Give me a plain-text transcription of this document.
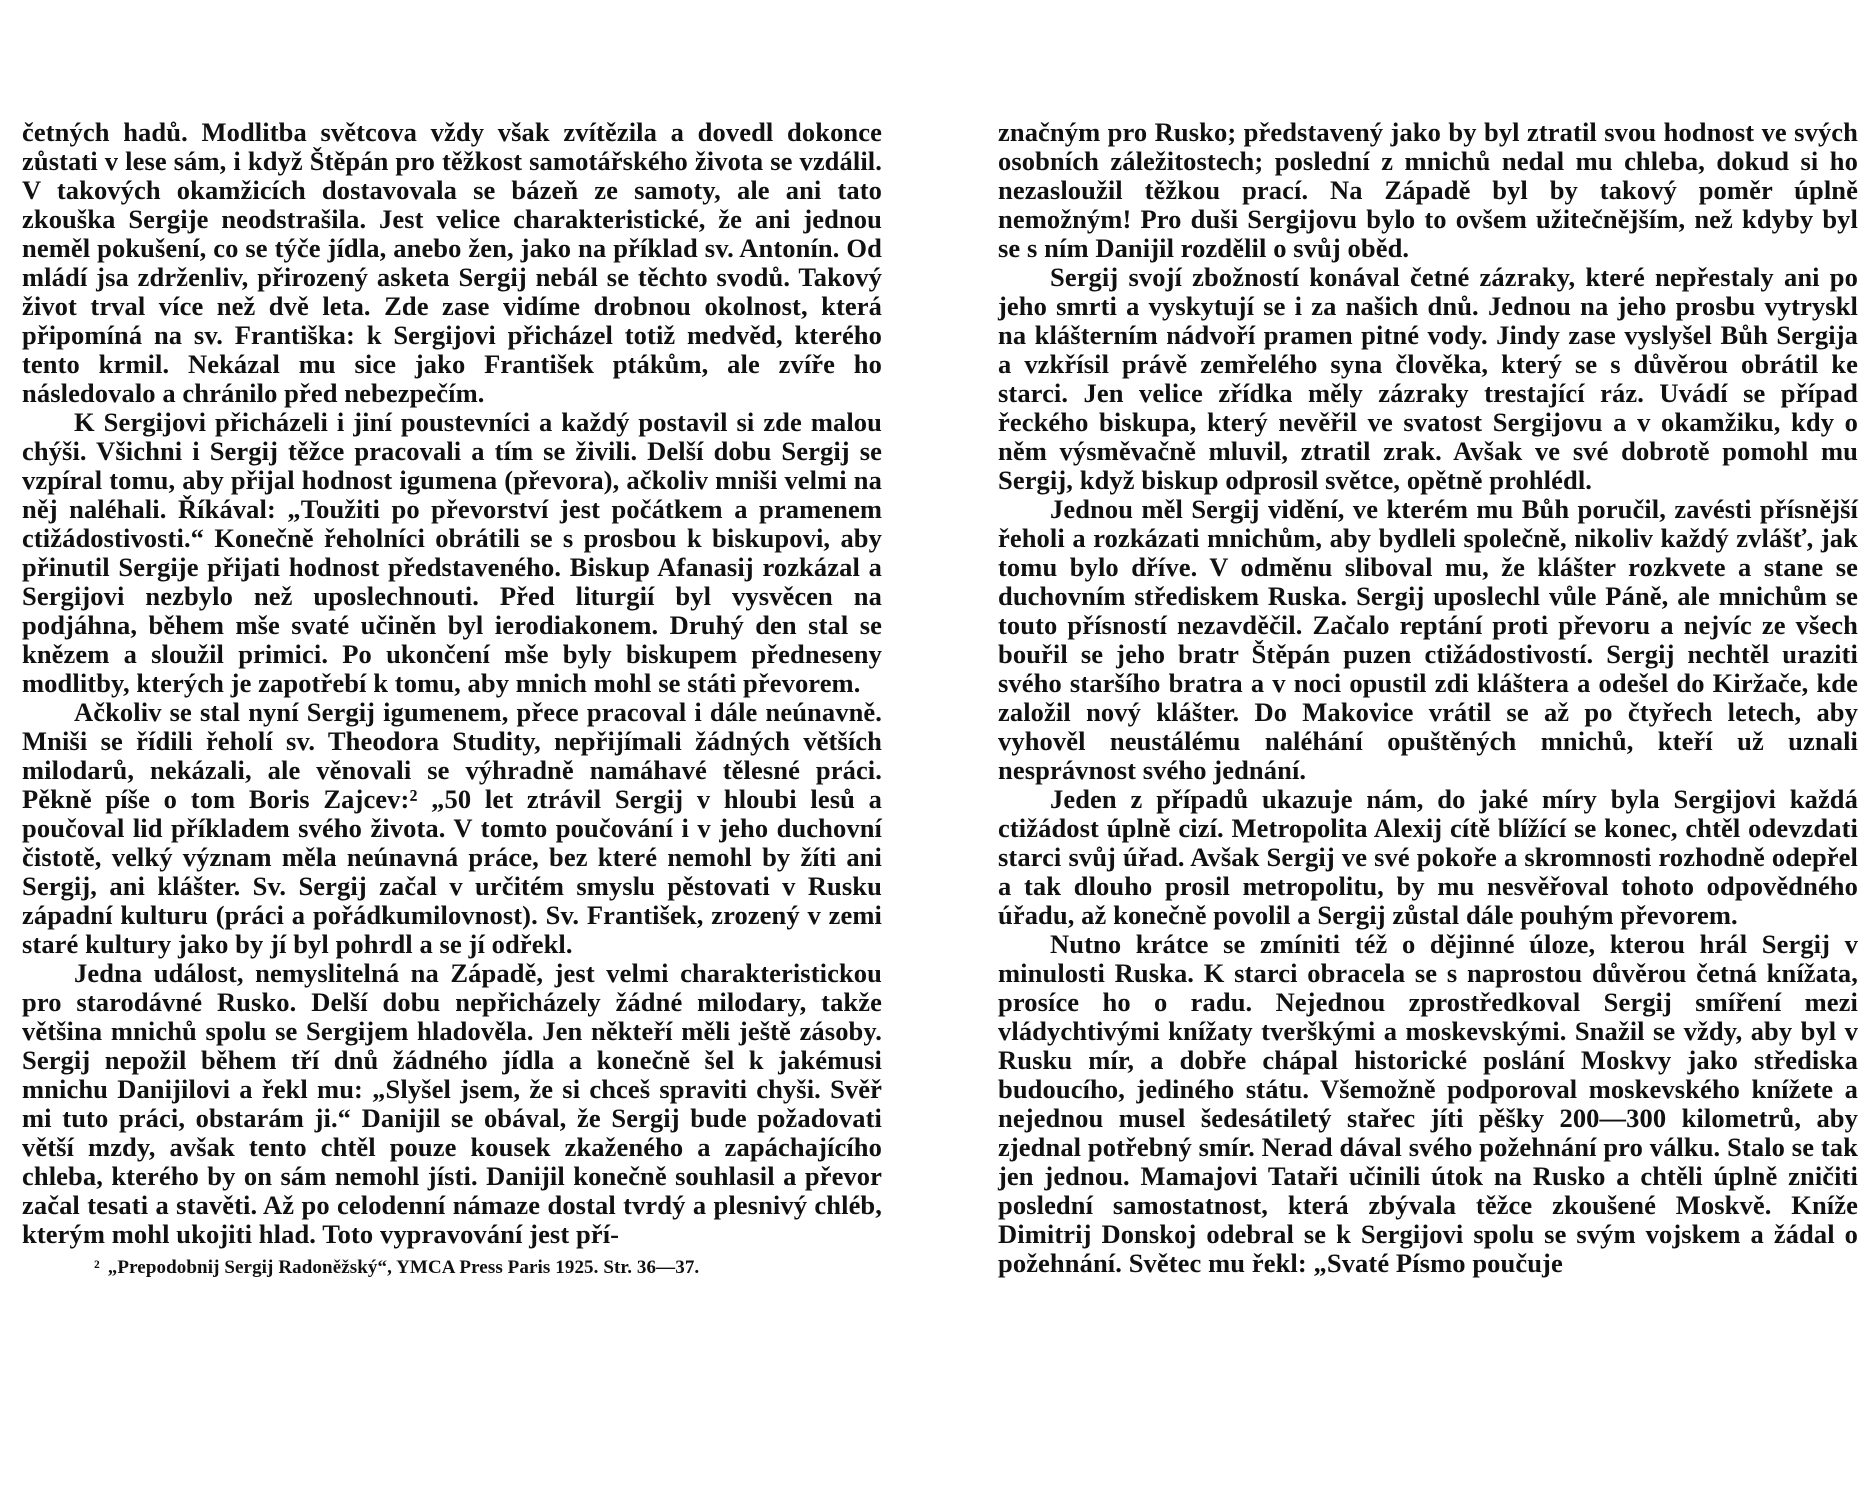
četných hadů. Modlitba světcova vždy však zvítězila a dovedl dokonce zůstati v lese sám, i když Štěpán pro těžkost samotářského života se vzdálil. V takových okamžicích dostavovala se bázeň ze samoty, ale ani tato zkouška Sergije neodstrašila. Jest velice charakteristické, že ani jednou neměl pokušení, co se týče jídla, anebo žen, jako na příklad sv. Antonín. Od mládí jsa zdrženliv, přirozený asketa Sergij nebál se těchto svodů. Takový život trval více než dvě leta. Zde zase vidíme drobnou okolnost, která připomíná na sv. Františka: k Sergijovi přicházel totiž medvěd, kterého tento krmil. Nekázal mu sice jako František ptákům, ale zvíře ho následovalo a chránilo před nebezpečím.

K Sergijovi přicházeli i jiní poustevníci a každý postavil si zde malou chýši. Všichni i Sergij těžce pracovali a tím se živili. Delší dobu Sergij se vzpíral tomu, aby přijal hodnost igumena (převora), ačkoliv mniši velmi na něj naléhali. Říkával: „Toužiti po převorství jest počátkem a pramenem ctižádostivosti.“ Konečně řeholníci obrátili se s prosbou k biskupovi, aby přinutil Sergije přijati hodnost představeného. Biskup Afanasij rozkázal a Sergijovi nezbylo než uposlechnouti. Před liturgií byl vysvěcen na podjáhna, během mše svaté učiněn byl ierodiakonem. Druhý den stal se knězem a sloužil primici. Po ukončení mše byly biskupem předneseny modlitby, kterých je zapotřebí k tomu, aby mnich mohl se státi převorem.

Ačkoliv se stal nyní Sergij igumenem, přece pracoval i dále neúnavně. Mniši se řídili řeholí sv. Theodora Studity, nepřijímali žádných větších milodarů, nekázali, ale věnovali se výhradně namáhavé tělesné práci. Pěkně píše o tom Boris Zajcev:² „50 let ztrávil Sergij v hloubi lesů a poučoval lid příkladem svého života. V tomto poučování i v jeho duchovní čistotě, velký význam měla neúnavná práce, bez které nemohl by žíti ani Sergij, ani klášter. Sv. Sergij začal v určitém smyslu pěstovati v Rusku západní kulturu (práci a pořádkumilovnost). Sv. František, zrozený v zemi staré kultury jako by jí byl pohrdl a se jí odřekl.

Jedna událost, nemyslitelná na Západě, jest velmi charakteristickou pro starodávné Rusko. Delší dobu nepřicházely žádné milodary, takže většina mnichů spolu se Sergijem hladověla. Jen někteří měli ještě zásoby. Sergij nepožil během tří dnů žádného jídla a konečně šel k jakémusi mnichu Danijilovi a řekl mu: „Slyšel jsem, že si chceš spraviti chyši. Svěř mi tuto práci, obstarám ji.“ Danijil se obával, že Sergij bude požadovati větší mzdy, avšak tento chtěl pouze kousek zkaženého a zapáchajícího chleba, kterého by on sám nemohl jísti. Danijil konečně souhlasil a převor začal tesati a stavěti. Až po celodenní námaze dostal tvrdý a plesnivý chléb, kterým mohl ukojiti hlad. Toto vypravování jest pří-

² „Prepodobnij Sergij Radoněžský“, YMCA Press Paris 1925. Str. 36—37.

značným pro Rusko; představený jako by byl ztratil svou hodnost ve svých osobních záležitostech; poslední z mnichů nedal mu chleba, dokud si ho nezasloužil těžkou prací. Na Západě byl by takový poměr úplně nemožným! Pro duši Sergijovu bylo to ovšem užitečnějším, než kdyby byl se s ním Danijil rozdělil o svůj oběd.

Sergij svojí zbožností konával četné zázraky, které nepřestaly ani po jeho smrti a vyskytují se i za našich dnů. Jednou na jeho prosbu vytryskl na klášterním nádvoří pramen pitné vody. Jindy zase vyslyšel Bůh Sergija a vzkřísil právě zemřelého syna člověka, který se s důvěrou obrátil ke starci. Jen velice zřídka měly zázraky trestající ráz. Uvádí se případ řeckého biskupa, který nevěřil ve svatost Sergijovu a v okamžiku, kdy o něm výsměvačně mluvil, ztratil zrak. Avšak ve své dobrotě pomohl mu Sergij, když biskup odprosil světce, opětně prohlédl.

Jednou měl Sergij vidění, ve kterém mu Bůh poručil, zavésti přísnější řeholi a rozkázati mnichům, aby bydleli společně, nikoliv každý zvlášť, jak tomu bylo dříve. V odměnu sliboval mu, že klášter rozkvete a stane se duchovním střediskem Ruska. Sergij uposlechl vůle Páně, ale mnichům se touto přísností nezavděčil. Začalo reptání proti převoru a nejvíc ze všech bouřil se jeho bratr Štěpán puzen ctižádostivostí. Sergij nechtěl uraziti svého staršího bratra a v noci opustil zdi kláštera a odešel do Kiržače, kde založil nový klášter. Do Makovice vrátil se až po čtyřech letech, aby vyhověl neustálému naléhání opuštěných mnichů, kteří už uznali nesprávnost svého jednání.

Jeden z případů ukazuje nám, do jaké míry byla Sergijovi každá ctižádost úplně cizí. Metropolita Alexij cítě blížící se konec, chtěl odevzdati starci svůj úřad. Avšak Sergij ve své pokoře a skromnosti rozhodně odepřel a tak dlouho prosil metropolitu, by mu nesvěřoval tohoto odpovědného úřadu, až konečně povolil a Sergij zůstal dále pouhým převorem.

Nutno krátce se zmíniti též o dějinné úloze, kterou hrál Sergij v minulosti Ruska. K starci obracela se s naprostou důvěrou četná knížata, prosíce ho o radu. Nejednou zprostředkoval Sergij smíření mezi vládychtivými knížaty tverškými a moskevskými. Snažil se vždy, aby byl v Rusku mír, a dobře chápal historické poslání Moskvy jako střediska budoucího, jediného státu. Všemožně podporoval moskevského knížete a nejednou musel šedesátiletý stařec jíti pěšky 200—300 kilometrů, aby zjednal potřebný smír. Nerad dával svého požehnání pro válku. Stalo se tak jen jednou. Mamajovi Tataři učinili útok na Rusko a chtěli úplně zničiti poslední samostatnost, která zbývala těžce zkoušené Moskvě. Kníže Dimitrij Donskoj odebral se k Sergijovi spolu se svým vojskem a žádal o požehnání. Světec mu řekl: „Svaté Písmo poučuje
